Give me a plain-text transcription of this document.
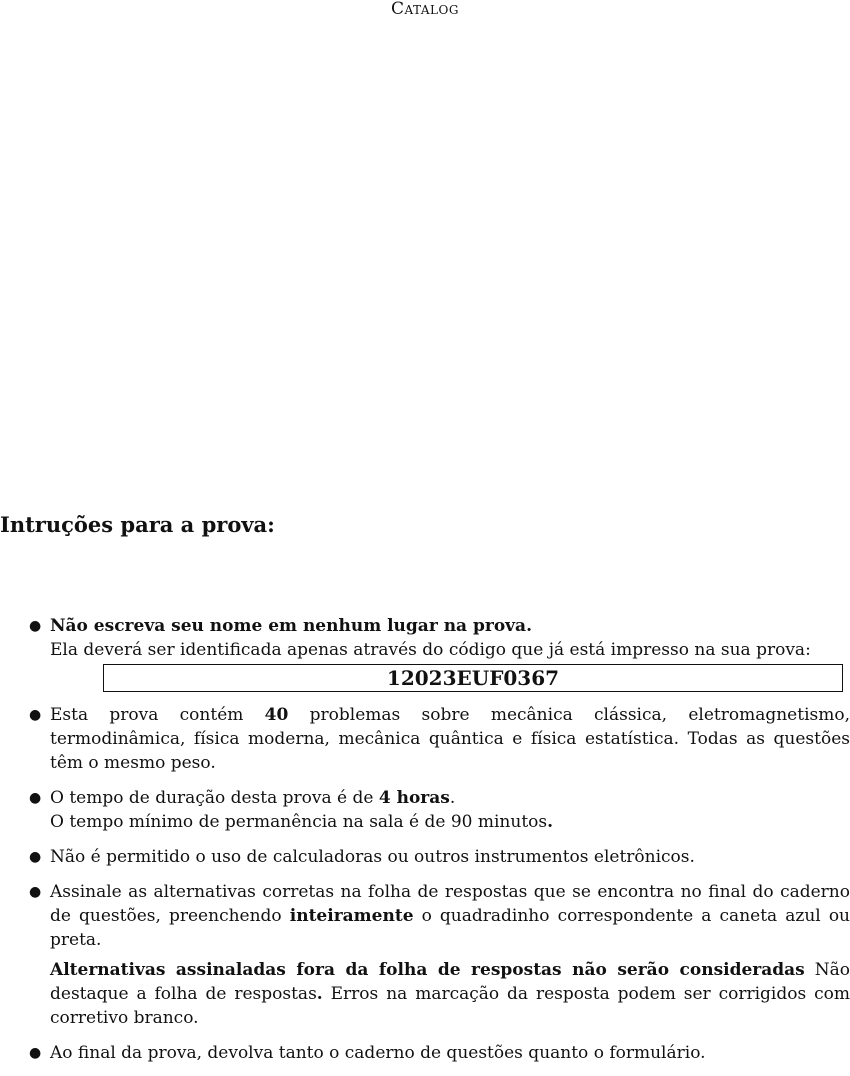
Catalog
Intruções para a prova:
● Não escreva seu nome em nenhum lugar na prova.
Ela deverá ser identificada apenas através do código que já está impresso na sua prova:
12023EUF0367
● Esta prova contém 40 problemas sobre mecânica clássica, eletromagnetismo, termodinâmica, física moderna, mecânica quântica e física estatística. Todas as questões têm o mesmo peso.
● O tempo de duração desta prova é de 4 horas.
O tempo mínimo de permanência na sala é de 90 minutos.
● Não é permitido o uso de calculadoras ou outros instrumentos eletrônicos.
● Assinale as alternativas corretas na folha de respostas que se encontra no final do caderno de questões, preenchendo inteiramente o quadradinho correspondente a caneta azul ou preta.
Alternativas assinaladas fora da folha de respostas não serão consideradas Não destaque a folha de respostas. Erros na marcação da resposta podem ser corrigidos com corretivo branco.
● Ao final da prova, devolva tanto o caderno de questões quanto o formulário.
